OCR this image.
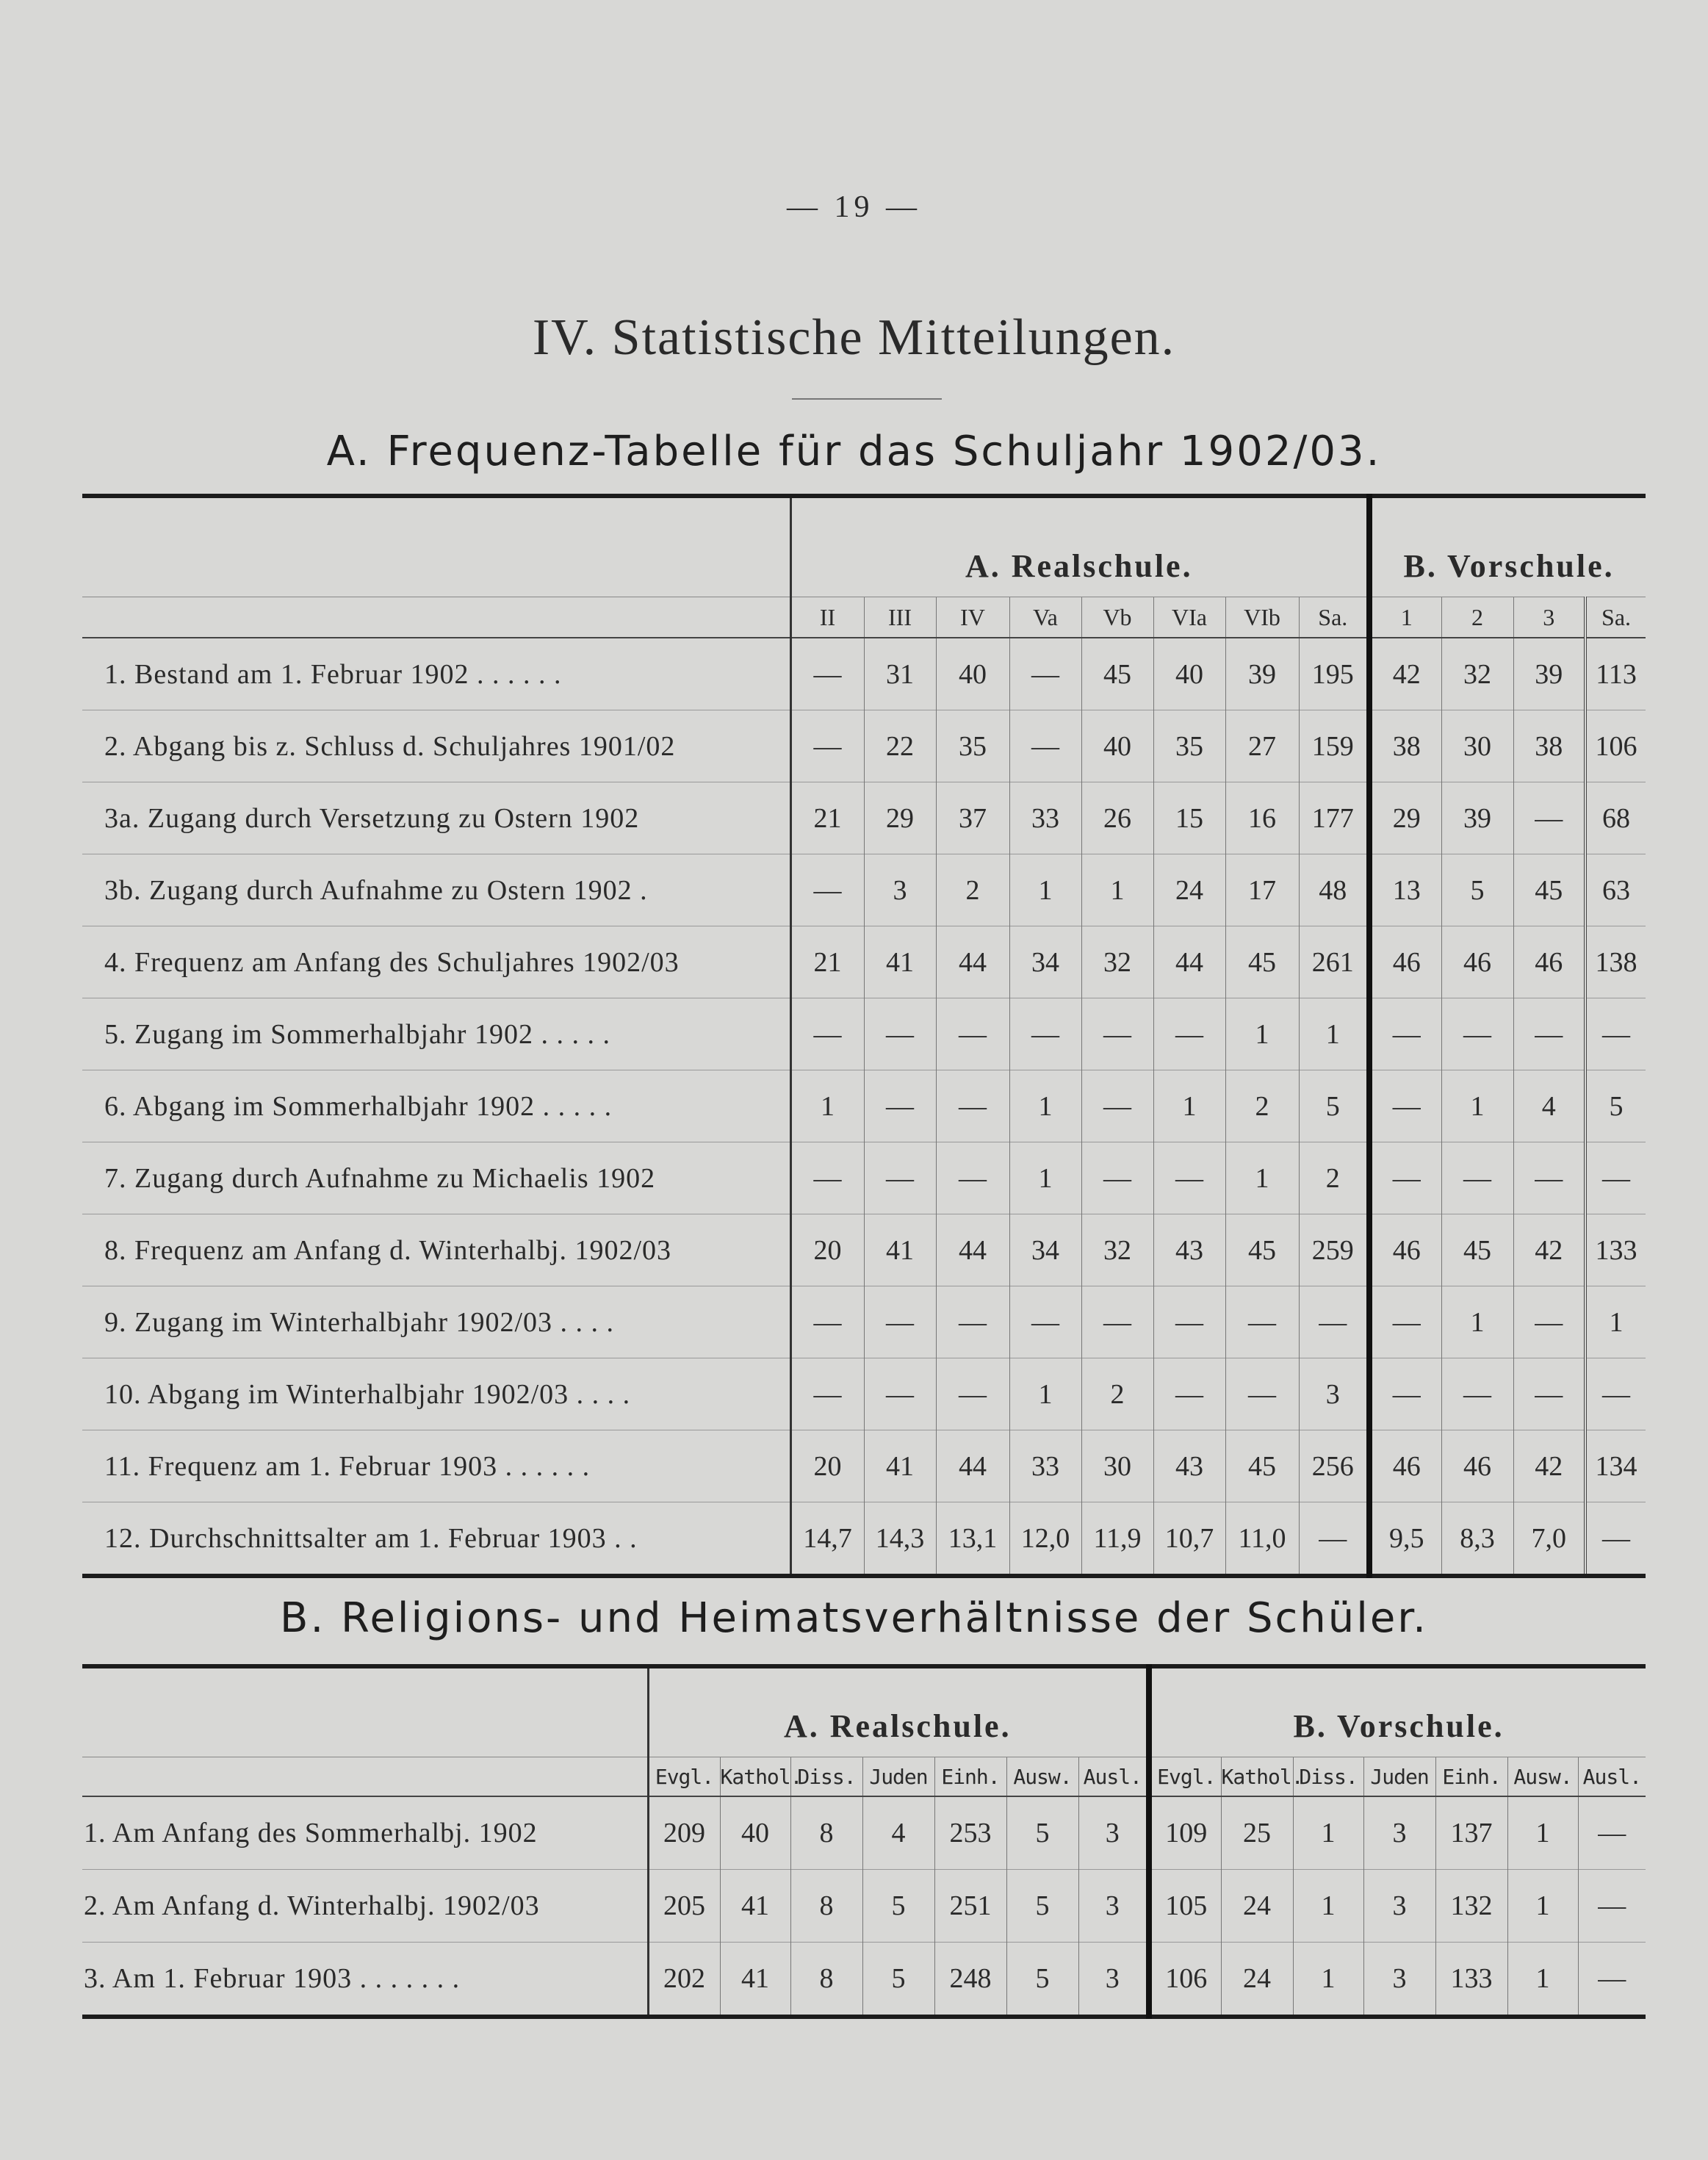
— 19 —
IV. Statistische Mitteilungen.
A. Frequenz-Tabelle für das Schuljahr 1902/03.
	A. Realschule.								B. Vorschule.			
	II	III	IV	Va	Vb	VIa	VIb	Sa.	1	2	3	Sa.
1. Bestand am 1. Februar 1902 . . . . . .	—	31	40	—	45	40	39	195	42	32	39	113
2. Abgang bis z. Schluss d. Schuljahres 1901/02	—	22	35	—	40	35	27	159	38	30	38	106
3a. Zugang durch Versetzung zu Ostern 1902	21	29	37	33	26	15	16	177	29	39	—	68
3b. Zugang durch Aufnahme zu Ostern 1902 .	—	3	2	1	1	24	17	48	13	5	45	63
4. Frequenz am Anfang des Schuljahres 1902/03	21	41	44	34	32	44	45	261	46	46	46	138
5. Zugang im Sommerhalbjahr 1902 . . . . .	—	—	—	—	—	—	1	1	—	—	—	—
6. Abgang im Sommerhalbjahr 1902 . . . . .	1	—	—	1	—	1	2	5	—	1	4	5
7. Zugang durch Aufnahme zu Michaelis 1902	—	—	—	1	—	—	1	2	—	—	—	—
8. Frequenz am Anfang d. Winterhalbj. 1902/03	20	41	44	34	32	43	45	259	46	45	42	133
9. Zugang im Winterhalbjahr 1902/03 . . . .	—	—	—	—	—	—	—	—	—	1	—	1
10. Abgang im Winterhalbjahr 1902/03 . . . .	—	—	—	1	2	—	—	3	—	—	—	—
11. Frequenz am 1. Februar 1903 . . . . . .	20	41	44	33	30	43	45	256	46	46	42	134
12. Durchschnittsalter am 1. Februar 1903 . .	14,7	14,3	13,1	12,0	11,9	10,7	11,0	—	9,5	8,3	7,0	—
B. Religions- und Heimatsverhältnisse der Schüler.
	A. Realschule.							B. Vorschule.						
	Evgl.	Kathol.	Diss.	Juden	Einh.	Ausw.	Ausl.	Evgl.	Kathol.	Diss.	Juden	Einh.	Ausw.	Ausl.
1. Am Anfang des Sommerhalbj. 1902	209	40	8	4	253	5	3	109	25	1	3	137	1	—
2. Am Anfang d. Winterhalbj. 1902/03	205	41	8	5	251	5	3	105	24	1	3	132	1	—
3. Am 1. Februar 1903 . . . . . . .	202	41	8	5	248	5	3	106	24	1	3	133	1	—
